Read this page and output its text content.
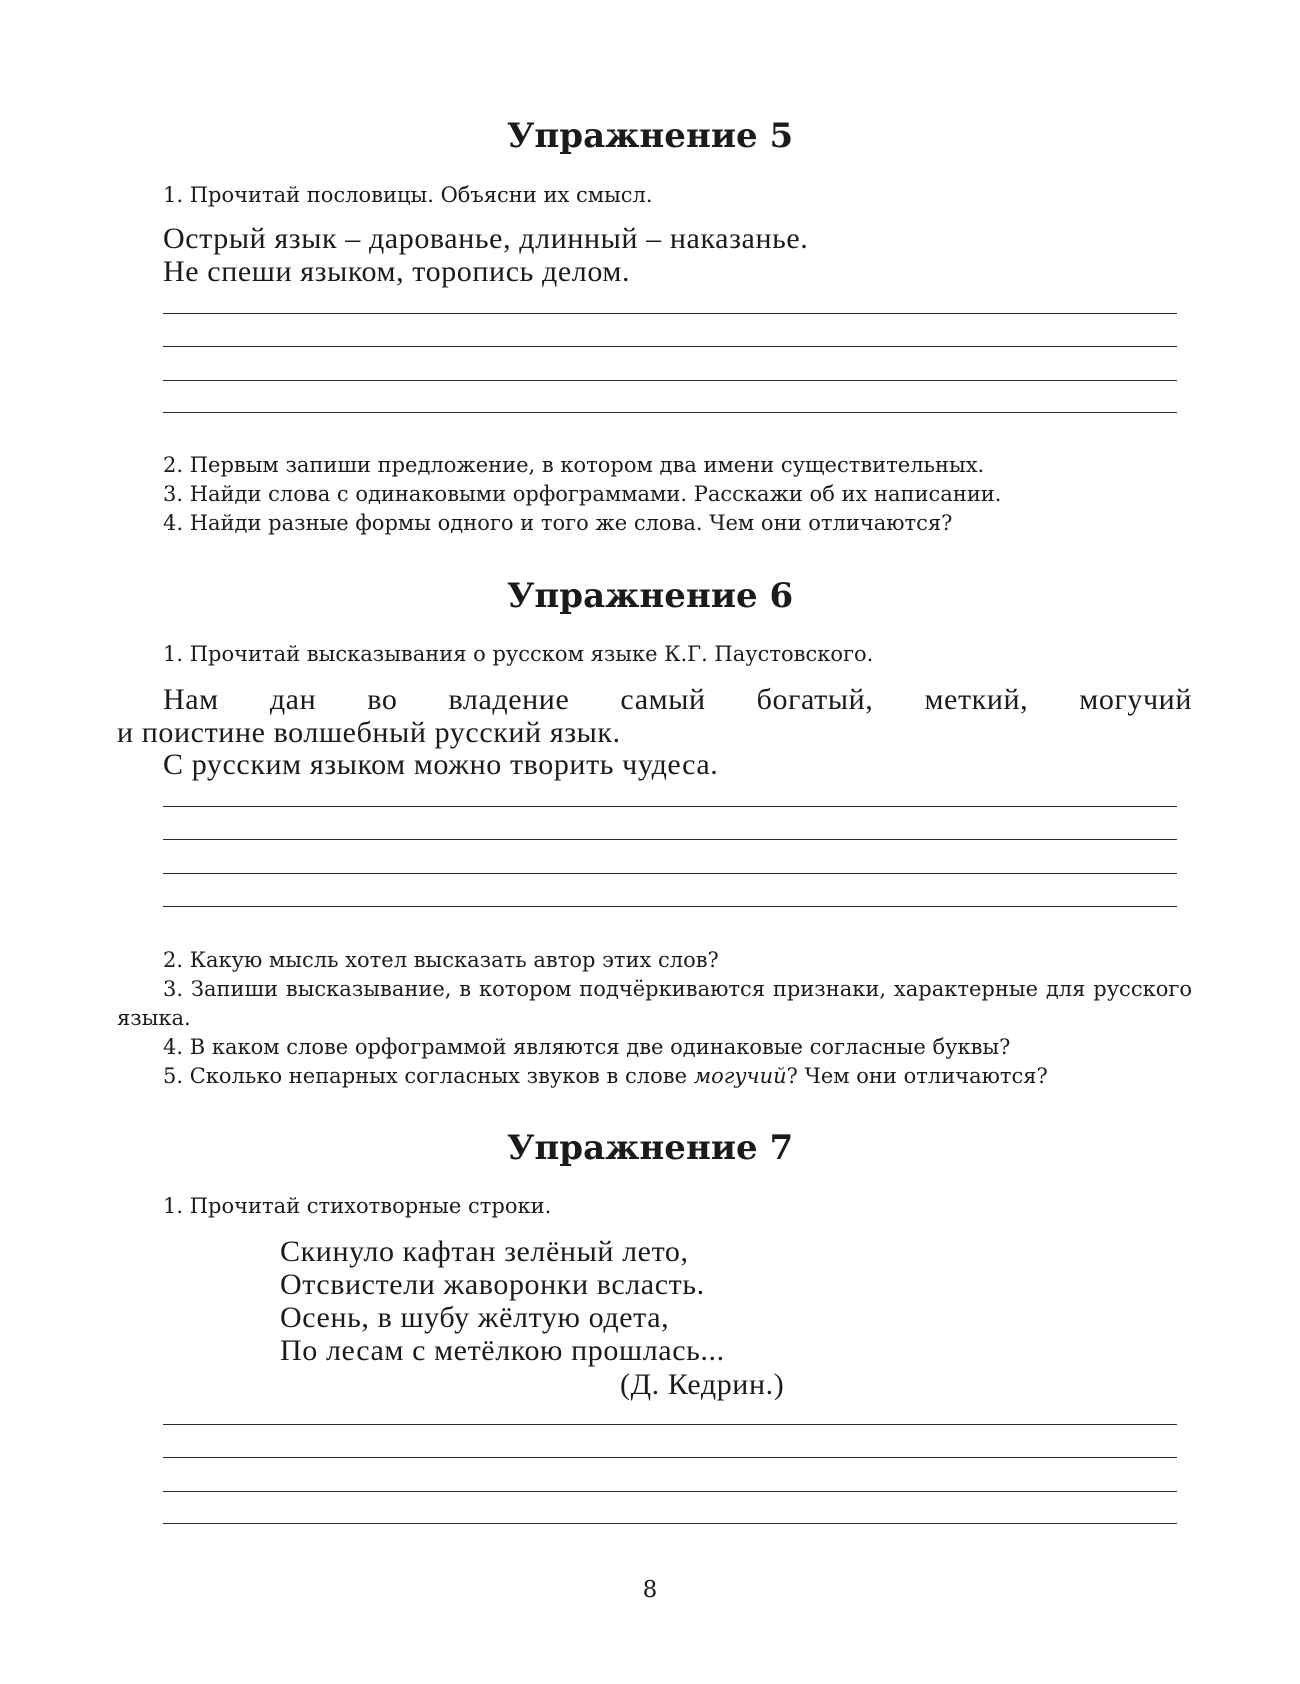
Упражнение 5
1. Прочитай пословицы. Объясни их смысл.
Острый язык – дарованье, длинный – наказанье.
Не спеши языком, торопись делом.
2. Первым запиши предложение, в котором два имени существительных.
3. Найди слова с одинаковыми орфограммами. Расскажи об их написании.
4. Найди разные формы одного и того же слова. Чем они отличаются?
Упражнение 6
1. Прочитай высказывания о русском языке К.Г. Паустовского.
Нам дан во владение самый богатый, меткий, могучий
и поистине волшебный русский язык.
С русским языком можно творить чудеса.
2. Какую мысль хотел высказать автор этих слов?
3. Запиши высказывание, в котором подчёркиваются признаки, характерные для русского языка.
4. В каком слове орфограммой являются две одинаковые согласные буквы?
5. Сколько непарных согласных звуков в слове могучий? Чем они отличаются?
Упражнение 7
1. Прочитай стихотворные строки.
Скинуло кафтан зелёный лето,
Отсвистели жаворонки всласть.
Осень, в шубу жёлтую одета,
По лесам с метёлкою прошлась...
(Д. Кедрин.)
8
